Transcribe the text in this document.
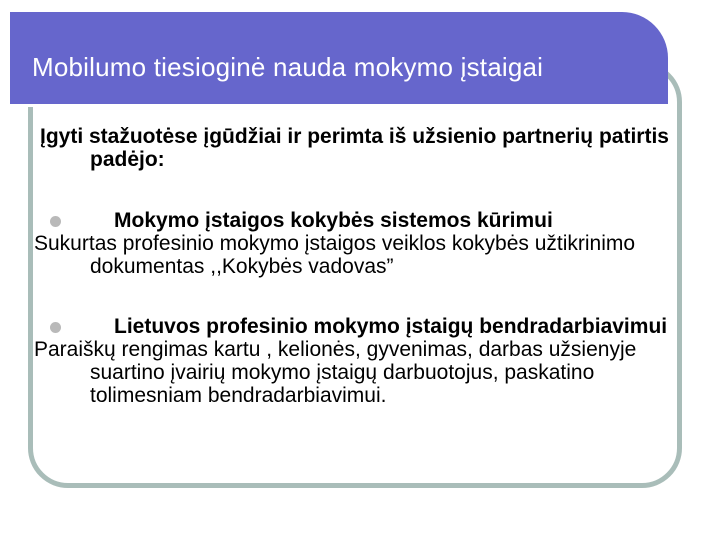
Mobilumo tiesioginė nauda mokymo įstaigai

Įgyti stažuotėse įgūdžiai ir perimta iš užsienio partnerių patirtis padėjo:

Mokymo įstaigos kokybės sistemos kūrimui

Sukurtas profesinio mokymo įstaigos veiklos kokybės užtikrinimo dokumentas ,,Kokybės vadovas”

Lietuvos profesinio mokymo įstaigų bendradarbiavimui

Paraiškų rengimas kartu , kelionės, gyvenimas, darbas užsienyje suartino įvairių mokymo įstaigų darbuotojus, paskatino tolimesniam bendradarbiavimui.
